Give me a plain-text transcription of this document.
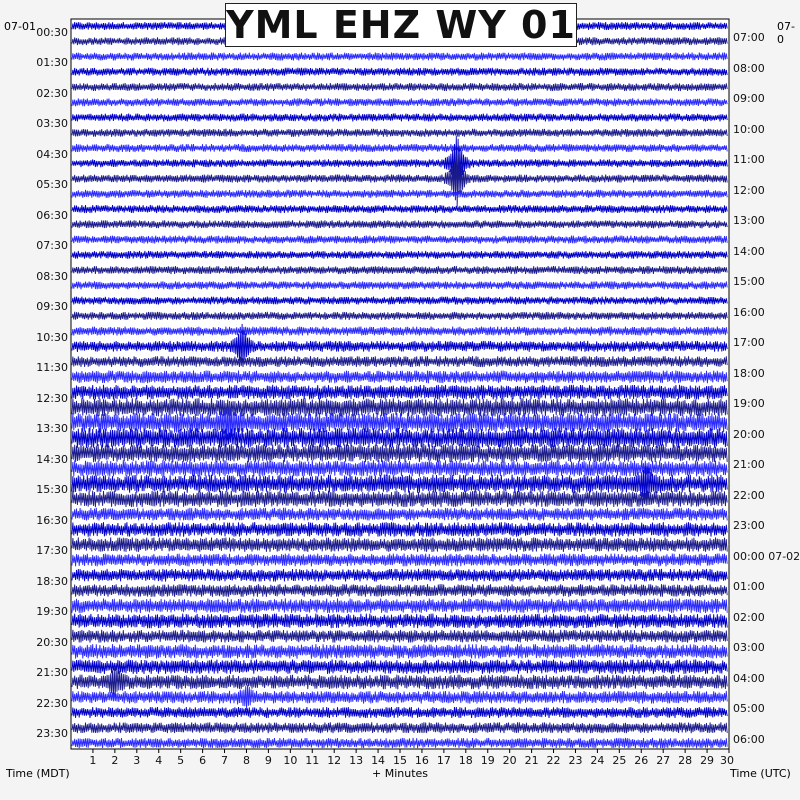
YML EHZ WY 01
07-01	07-0
00:30
01:30
02:30
03:30
04:30
05:30
06:30
07:30
08:30
09:30
10:30
11:30
12:30
13:30
14:30
15:30
16:30
17:30
18:30
19:30
20:30
21:30
22:30
23:30
07:00
08:00
09:00
10:00
11:00
12:00
13:00
14:00
15:00
16:00
17:00
18:00
19:00
20:00
21:00
22:00
23:00
00:00 07-02
01:00
02:00
03:00
04:00
05:00
06:00
1	2	3	4	5	6	7	8	9	10 11 12 13 14 15 16 17 18 19 20 21 22 23 24 25 26 27 28 29 30
Time (MDT)	+ Minutes	Time (UTC)
